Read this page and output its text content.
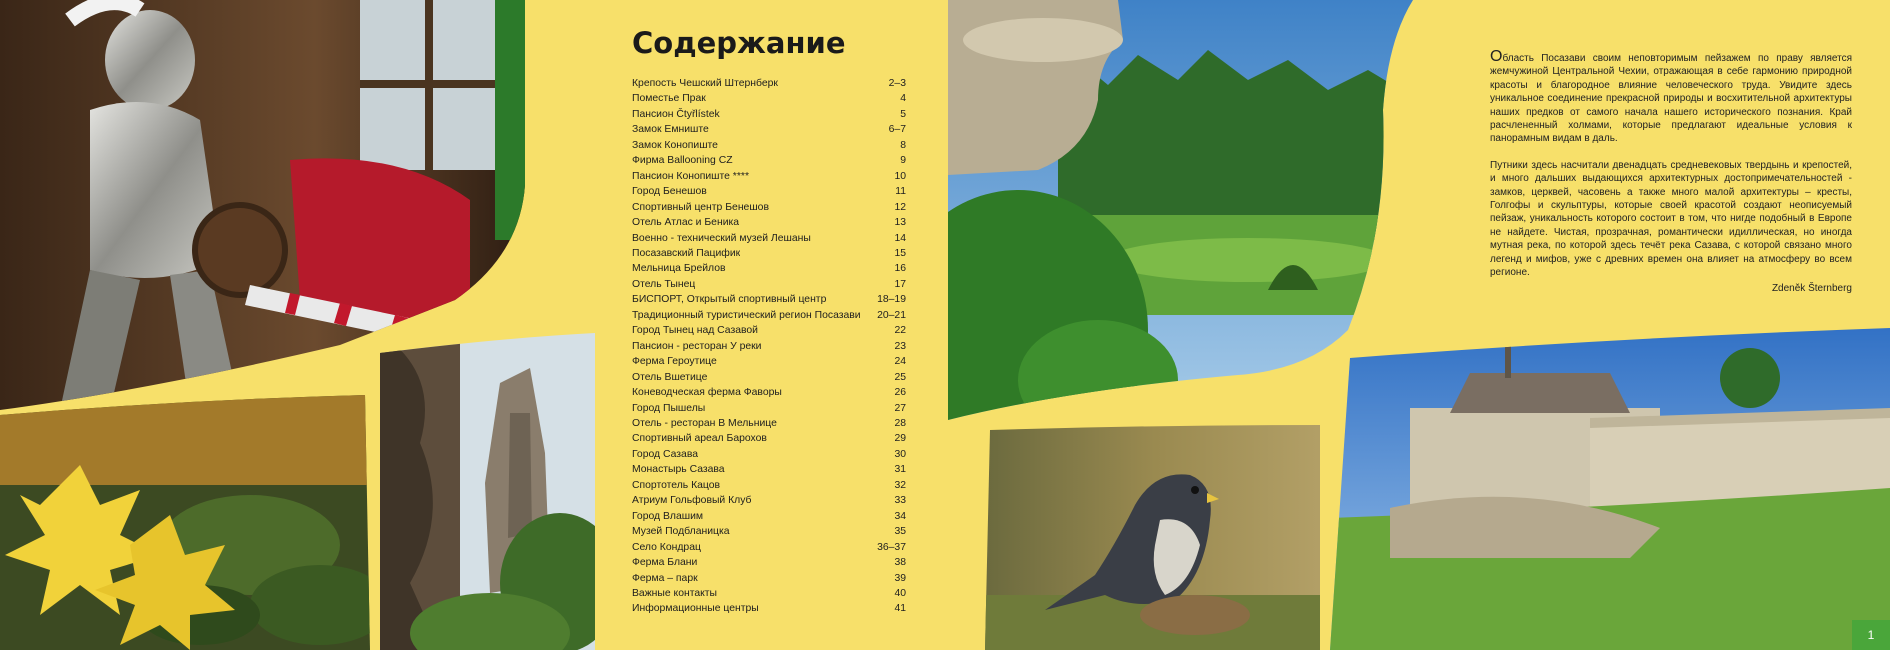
Содержание
Крепость Чешский Штернберк	2–3
Поместье Прак	4
Пансион Čtyřlístek	5
Замок Емниште	6–7
Замок Конопиште	8
Фирма Ballooning CZ	9
Пансион Конопиште ****	10
Город Бенешов	11
Спортивный центр Бенешов	12
Отель Атлас и Беника	13
Военно - технический музей Лешаны	14
Посазавский Пацифик	15
Мельница Брейлов	16
Отель Тынец	17
БИСПОРТ, Открытый спортивный центр	18–19
Традиционный туристический регион Посазави	20–21
Город Тынец над Сазавой	22
Пансион - ресторан У реки	23
Ферма Героутице	24
Отель Вшетице	25
Коневодческая ферма Фаворы	26
Город Пышелы	27
Отель - ресторан В Мельнице	28
Спортивный ареал Барохов	29
Город Сазава	30
Монастырь Сазава	31
Спортотель Кацов	32
Атриум Гольфовый Клуб	33
Город Влашим	34
Музей Подбланицка	35
Село Кондрац	36–37
Ферма Блани	38
Ферма – парк	39
Важные контакты	40
Информационные центры	41

Область Посазави своим неповторимым пейзажем по праву является жемчужиной Центральной Чехии, отражающая в себе гармонию природной красоты и благородное влияние человеческого труда. Увидите здесь уникальное соединение прекрасной природы и восхитительной архитектуры наших предков от самого начала нашего исторического познания. Край расчлененный холмами, которые предлагают идеальные условия к панорамным видам в даль.

Путники здесь насчитали двенадцать средневековых твердынь и крепостей, и много дальших выдающихся архитектурных достопримечательностей - замков, церквей, часовень а также много малой архитектуры – кресты, Голгофы и скульптуры, которые своей красотой создают неописуемый пейзаж, уникальность которого состоит в том, что нигде подобный в Европе не найдете. Чистая, прозрачная, романтически идиллическая, но иногда мутная река, по которой здесь течёт река Сазава, с которой связано много легенд и мифов, уже с древних времен она влияет на атмосферу во всем регионе.

Zdeněk Šternberg

1
